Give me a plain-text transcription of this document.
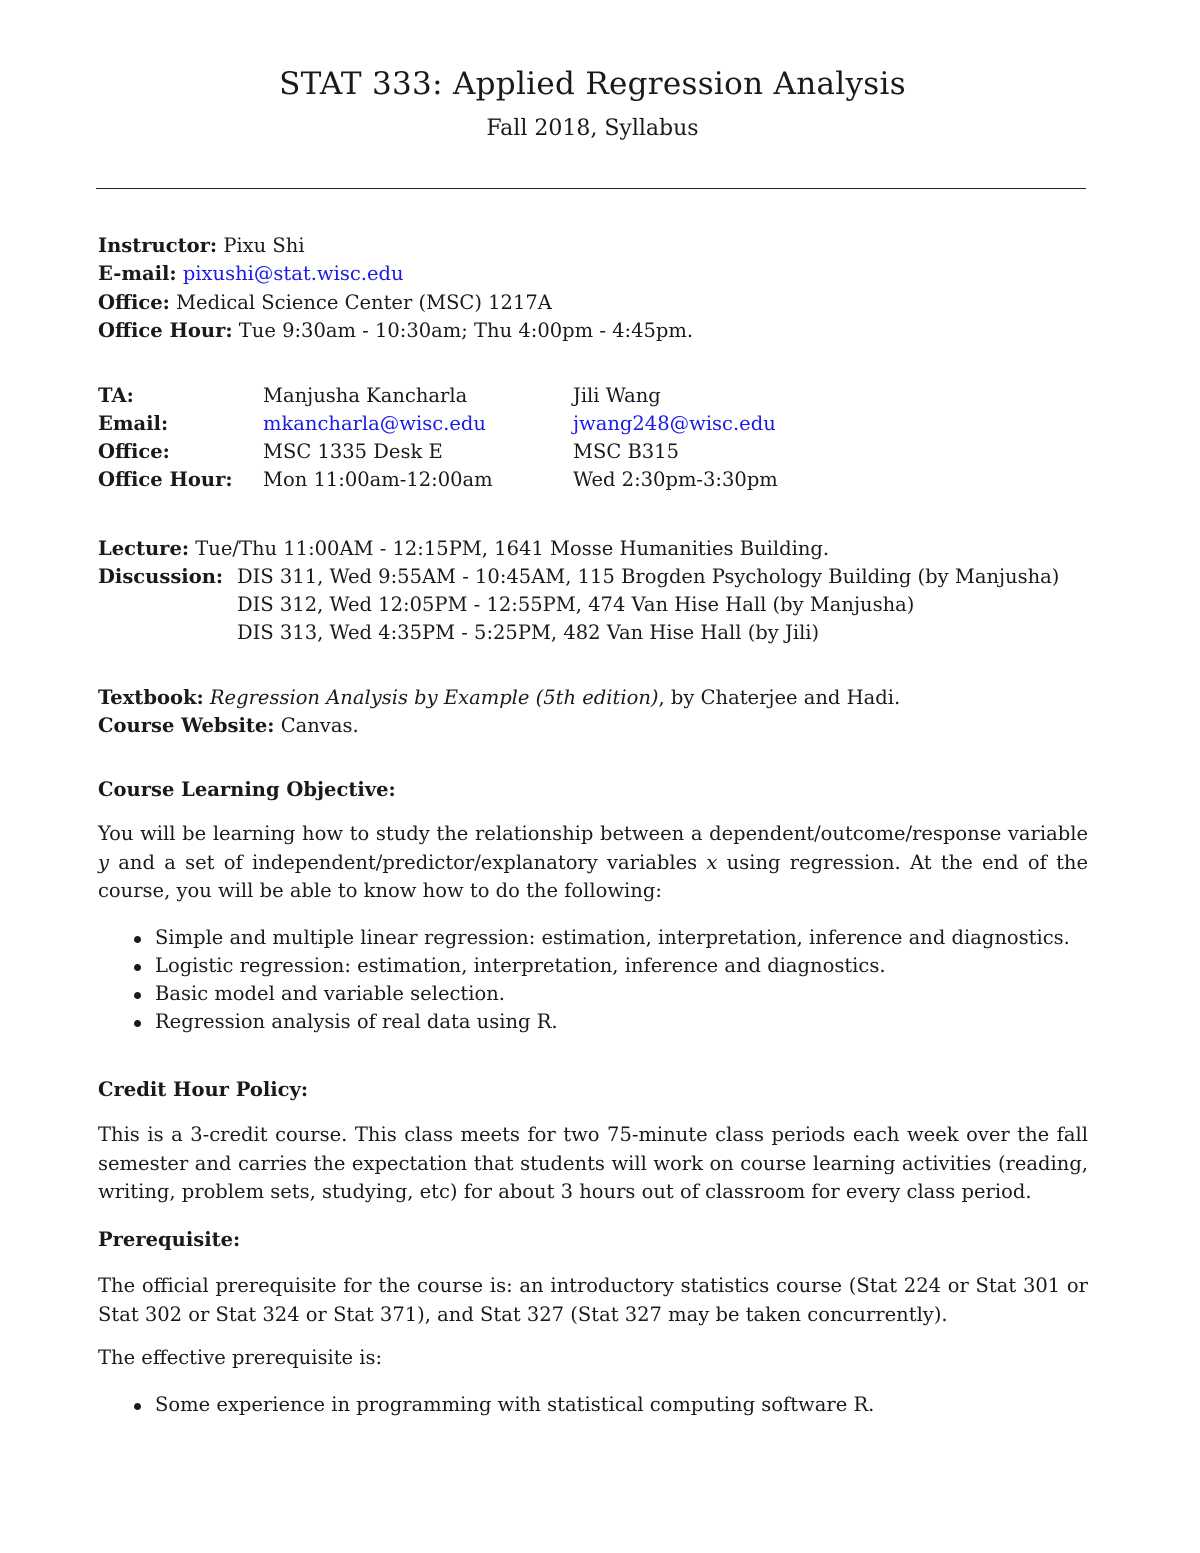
STAT 333: Applied Regression Analysis
Fall 2018, Syllabus
Instructor: Pixu Shi
E-mail: pixushi@stat.wisc.edu
Office: Medical Science Center (MSC) 1217A
Office Hour: Tue 9:30am - 10:30am; Thu 4:00pm - 4:45pm.
TA:
Email:
Office:
Office Hour:
Manjusha Kancharla
mkancharla@wisc.edu
MSC 1335 Desk E
Mon 11:00am-12:00am
Jili Wang
jwang248@wisc.edu
MSC B315
Wed 2:30pm-3:30pm
Lecture: Tue/Thu 11:00AM - 12:15PM, 1641 Mosse Humanities Building.
Discussion: DIS 311, Wed 9:55AM - 10:45AM, 115 Brogden Psychology Building (by Manjusha)
DIS 312, Wed 12:05PM - 12:55PM, 474 Van Hise Hall (by Manjusha)
DIS 313, Wed 4:35PM - 5:25PM, 482 Van Hise Hall (by Jili)
Textbook: Regression Analysis by Example (5th edition), by Chaterjee and Hadi.
Course Website: Canvas.
Course Learning Objective:
You will be learning how to study the relationship between a dependent/outcome/response variable y and a set of independent/predictor/explanatory variables x using regression. At the end of the course, you will be able to know how to do the following:
Simple and multiple linear regression: estimation, interpretation, inference and diagnostics.
Logistic regression: estimation, interpretation, inference and diagnostics.
Basic model and variable selection.
Regression analysis of real data using R.
Credit Hour Policy:
This is a 3-credit course. This class meets for two 75-minute class periods each week over the fall semester and carries the expectation that students will work on course learning activities (reading, writing, problem sets, studying, etc) for about 3 hours out of classroom for every class period.
Prerequisite:
The official prerequisite for the course is: an introductory statistics course (Stat 224 or Stat 301 or Stat 302 or Stat 324 or Stat 371), and Stat 327 (Stat 327 may be taken concurrently).
The effective prerequisite is:
Some experience in programming with statistical computing software R.
